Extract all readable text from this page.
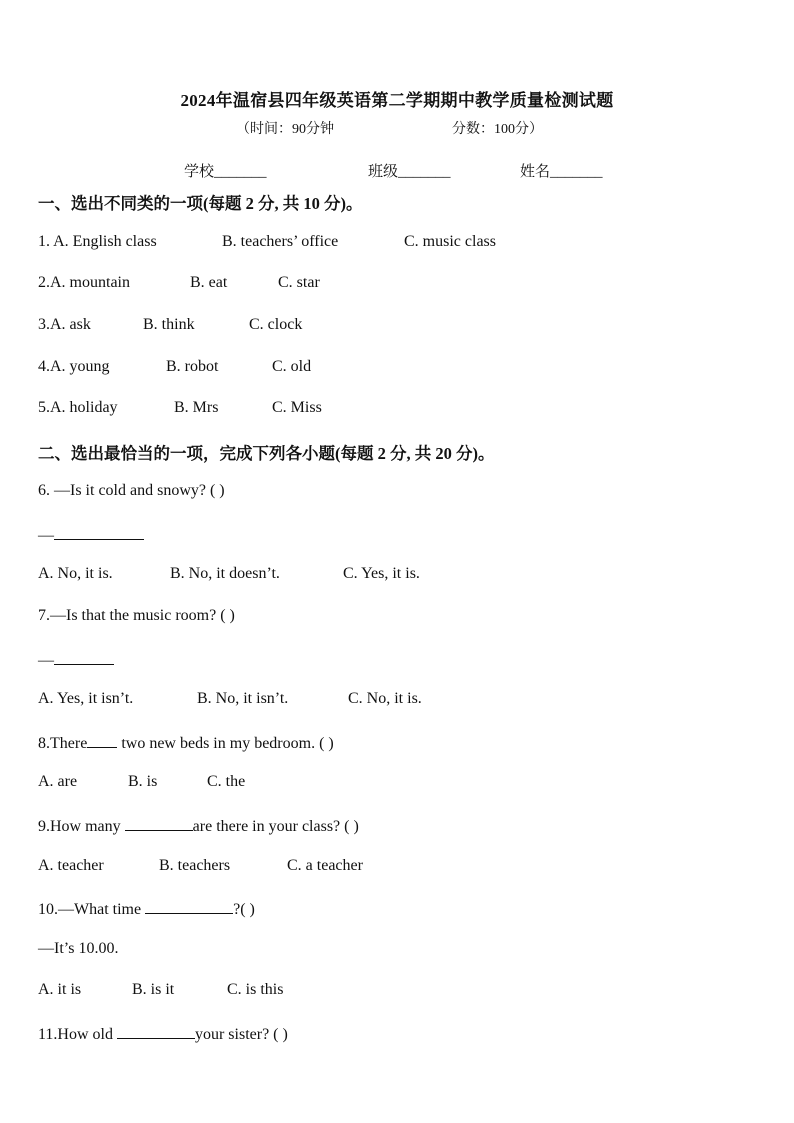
2024年温宿县四年级英语第二学期期中教学质量检测试题
（时间：90分钟	分数：100分）
学校_______	班级_______	姓名_______
一、选出不同类的一项(每题 2 分, 共 10 分)。
1. A. English class	B. teachers’ office	C. music class
2.A. mountain	B. eat	C. star
3.A. ask	B. think	C. clock
4.A. young	B. robot	C. old
5.A. holiday	B. Mrs	C. Miss
二、选出最恰当的一项，完成下列各小题(每题 2 分, 共 20 分)。
6. —Is it cold and snowy? ( )
—
A. No, it is.	B. No, it doesn’t.	C. Yes, it is.
7.—Is that the music room? ( )
—
A. Yes, it isn’t.	B. No, it isn’t.	C. No, it is.
8.There two new beds in my bedroom. ( )
A. are	B. is	C. the
9.How many	are there in your class? ( )
A. teacher	B. teachers	C. a teacher
10.—What time	?( )
—It’s 10.00.
A. it is	B. is it	C. is this
11.How old	your sister? ( )
